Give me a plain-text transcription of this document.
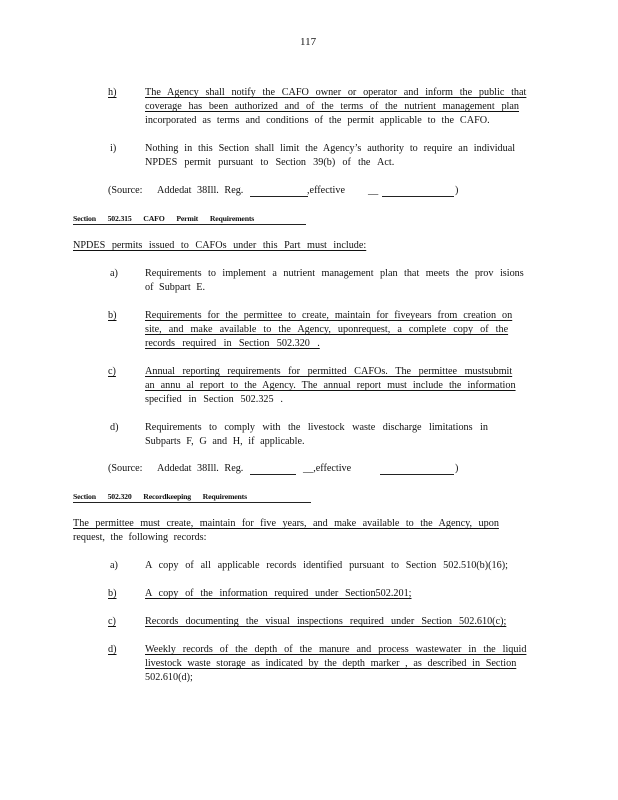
117
h)	The Agency shall notify the CAFO owner or operator and inform the public that
coverage has been authorized and of the terms of the nutrient management plan
incorporated as terms and conditions of the permit applicable to the CAFO.
i)	Nothing in this Section shall limit the Agency’s authority to require an individual
NPDES permit pursuant to Section 39(b) of the Act.
(Source: Addedat 38Ill. Reg.	,effective __	)
Section 502.315 CAFO Permit Requirements
NPDES permits issued to CAFOs under this Part must include:
a)	Requirements to implement a nutrient management plan that meets the prov isions
of Subpart E.
b)	Requirements for the permittee to create, maintain for fiveyears from creation on
site, and make available to the Agency, uponrequest, a complete copy of the
records required in Section 502.320 .
c)	Annual reporting requirements for permitted CAFOs. The permittee mustsubmit
an annu al report to the Agency. The annual report must include the information
specified in Section 502.325 .
d)	Requirements to comply with the livestock waste discharge limitations in
Subparts F, G and H, if applicable.
(Source: Addedat 38Ill. Reg.	__,effective	)
Section 502.320 Recordkeeping Requirements
The permittee must create, maintain for five years, and make available to the Agency, upon
request, the following records:
a)	A copy of all applicable records identified pursuant to Section 502.510(b)(16);
b)	A copy of the information required under Section502.201;
c)	Records documenting the visual inspections required under Section 502.610(c);
d)	Weekly records of the depth of the manure and process wastewater in the liquid
livestock waste storage as indicated by the depth marker , as described in Section
502.610(d);
